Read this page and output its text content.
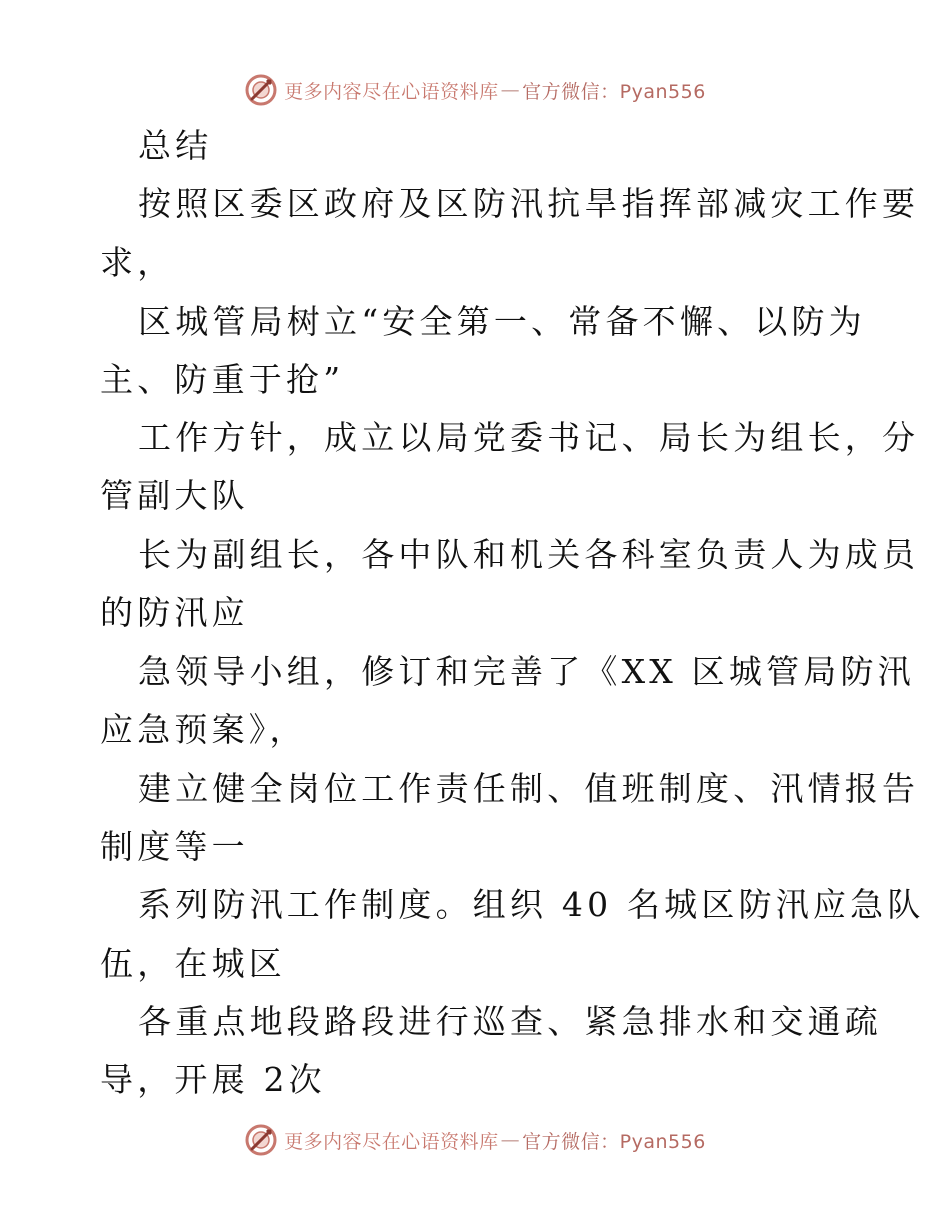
更多内容尽在心语资料库 — 官方微信：Pyan556
总结
按照区委区政府及区防汛抗旱指挥部减灾工作要
求，
区城管局树立“安全第一、常备不懈、以防为
主、防重于抢”
工作方针，成立以局党委书记、局长为组长，分
管副大队
长为副组长，各中队和机关各科室负责人为成员
的防汛应
急领导小组，修订和完善了《XX 区城管局防汛
应急预案》，
建立健全岗位工作责任制、值班制度、汛情报告
制度等一
系列防汛工作制度。组织 40 名城区防汛应急队
伍，在城区
各重点地段路段进行巡查、紧急排水和交通疏
导，开展 2次
更多内容尽在心语资料库 — 官方微信：Pyan556
